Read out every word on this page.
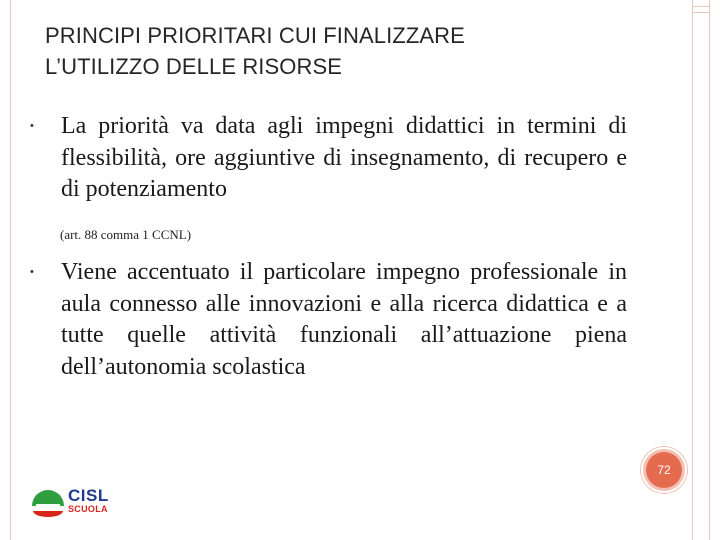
PRINCIPI PRIORITARI CUI FINALIZZARE
L’UTILIZZO DELLE RISORSE
• La priorità va data agli impegni didattici in termini di flessibilità, ore aggiuntive di insegnamento, di recupero e di potenziamento
(art. 88 comma 1 CCNL)
• Viene accentuato il particolare impegno professionale in aula connesso alle innovazioni e alla ricerca didattica e a tutte quelle attività funzionali all’attuazione piena dell’autonomia scolastica
72
CISL
SCUOLA
